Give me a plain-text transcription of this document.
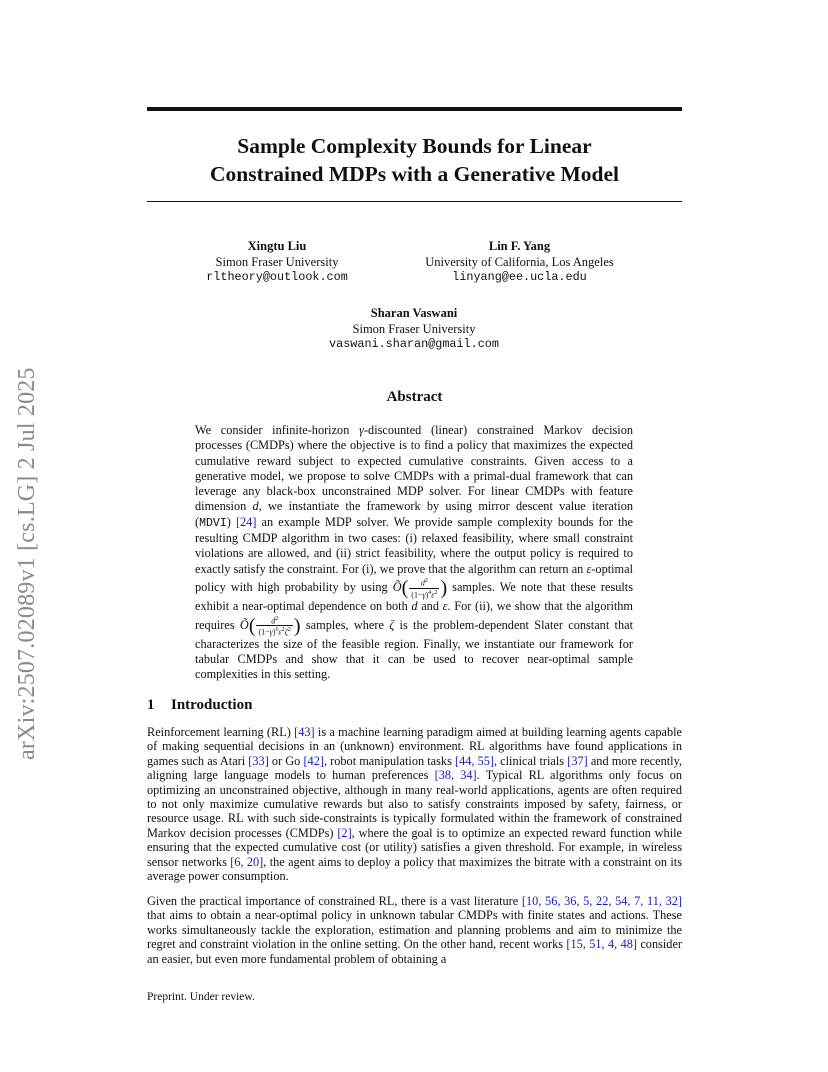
Sample Complexity Bounds for Linear
Constrained MDPs with a Generative Model
arXiv:2507.02089v1 [cs.LG] 2 Jul 2025
Xingtu Liu
Simon Fraser University
rltheory@outlook.com
Lin F. Yang
University of California, Los Angeles
linyang@ee.ucla.edu
Sharan Vaswani
Simon Fraser University
vaswani.sharan@gmail.com
Abstract

We consider infinite-horizon γ-discounted (linear) constrained Markov decision processes (CMDPs) where the objective is to find a policy that maximizes the expected cumulative reward subject to expected cumulative constraints. Given access to a generative model, we propose to solve CMDPs with a primal-dual framework that can leverage any black-box unconstrained MDP solver. For linear CMDPs with feature dimension d, we instantiate the framework by using mirror descent value iteration (MDVI) [24] an example MDP solver. We provide sample complexity bounds for the resulting CMDP algorithm in two cases: (i) relaxed feasibility, where small constraint violations are allowed, and (ii) strict feasibility, where the output policy is required to exactly satisfy the constraint. For (i), we prove that the algorithm can return an ε-optimal policy with high probability by using Õ( $\frac{d^2}{(1-\gamma)^4\varepsilon^2}$ ) samples. We note that these results exhibit a near-optimal dependence on both d and ε. For (ii), we show that the algorithm requires Õ( $\frac{d^2}{(1-\gamma)^6\varepsilon^2\zeta^2}$ ) samples, where ζ is the problem-dependent Slater constant that characterizes the size of the feasible region. Finally, we instantiate our framework for tabular CMDPs and show that it can be used to recover near-optimal sample complexities in this setting.

1 Introduction

Reinforcement learning (RL) [43] is a machine learning paradigm aimed at building learning agents capable of making sequential decisions in an (unknown) environment. RL algorithms have found applications in games such as Atari [33] or Go [42], robot manipulation tasks [44, 55], clinical trials [37] and more recently, aligning large language models to human preferences [38, 34]. Typical RL algorithms only focus on optimizing an unconstrained objective, although in many real-world applications, agents are often required to not only maximize cumulative rewards but also to satisfy constraints imposed by safety, fairness, or resource usage. RL with such side-constraints is typically formulated within the framework of constrained Markov decision processes (CMDPs) [2], where the goal is to optimize an expected reward function while ensuring that the expected cumulative cost (or utility) satisfies a given threshold. For example, in wireless sensor networks [6, 20], the agent aims to deploy a policy that maximizes the bitrate with a constraint on its average power consumption.

Given the practical importance of constrained RL, there is a vast literature [10, 56, 36, 5, 22, 54, 7, 11, 32] that aims to obtain a near-optimal policy in unknown tabular CMDPs with finite states and actions. These works simultaneously tackle the exploration, estimation and planning problems and aim to minimize the regret and constraint violation in the online setting. On the other hand, recent works [15, 51, 4, 48] consider an easier, but even more fundamental problem of obtaining a

Preprint. Under review.
